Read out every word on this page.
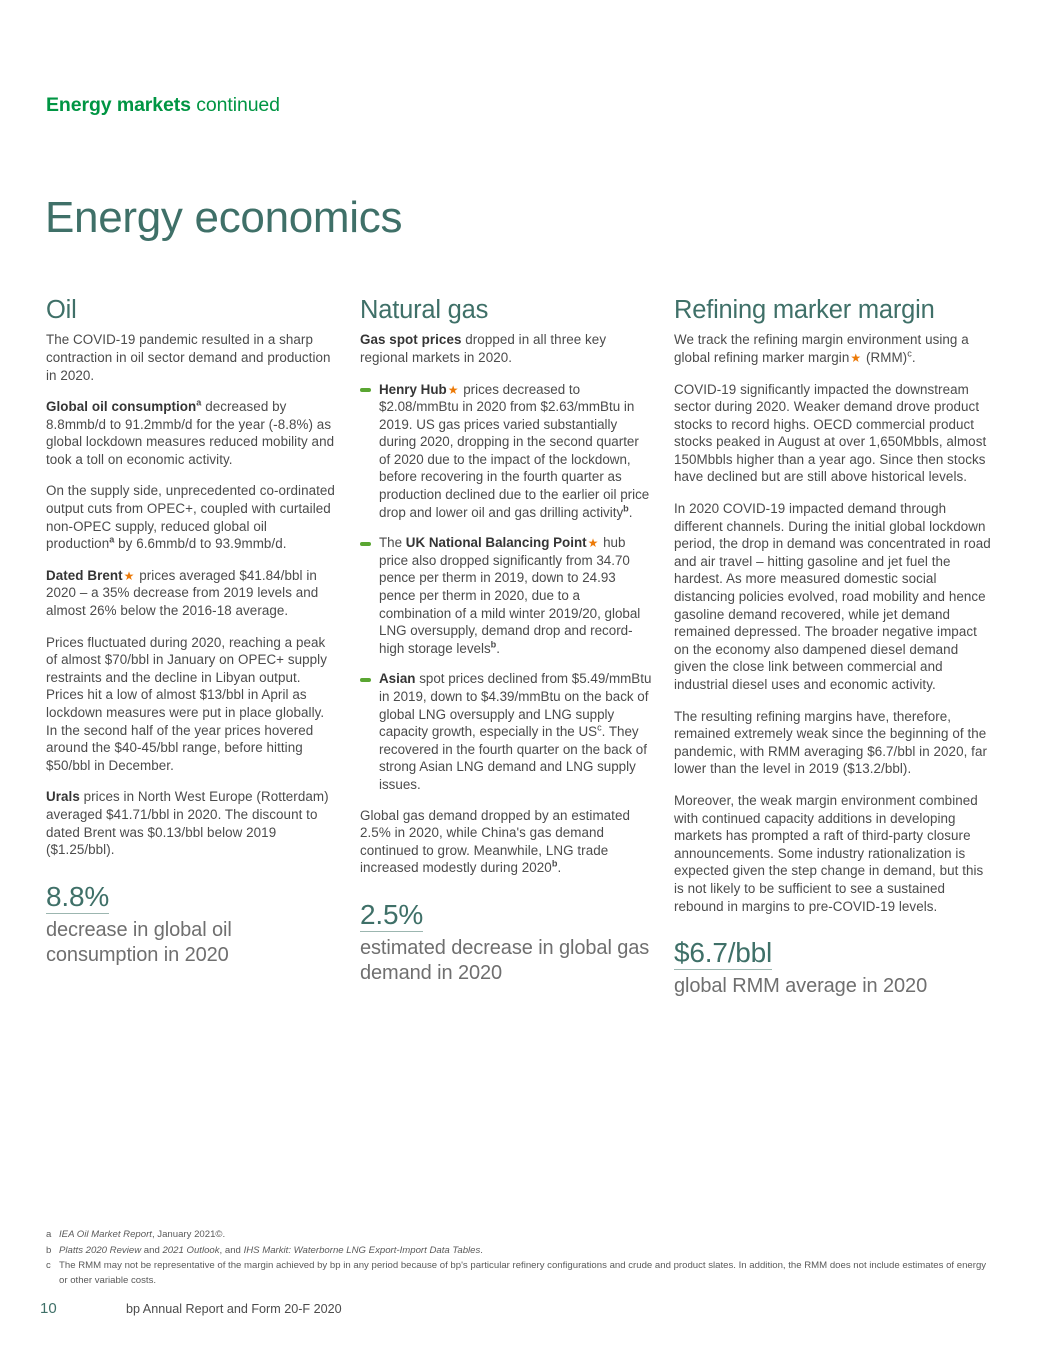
Energy markets continued
Energy economics
Oil

The COVID-19 pandemic resulted in a sharp contraction in oil sector demand and production in 2020.

Global oil consumption$^a$ decreased by 8.8mmb/d to 91.2mmb/d for the year (-8.8%) as global lockdown measures reduced mobility and took a toll on economic activity.

On the supply side, unprecedented co-ordinated output cuts from OPEC+, coupled with curtailed non-OPEC supply, reduced global oil production$^a$ by 6.6mmb/d to 93.9mmb/d.

Dated Brent★ prices averaged $41.84/bbl in 2020 – a 35% decrease from 2019 levels and almost 26% below the 2016-18 average.

Prices fluctuated during 2020, reaching a peak of almost $70/bbl in January on OPEC+ supply restraints and the decline in Libyan output. Prices hit a low of almost $13/bbl in April as lockdown measures were put in place globally. In the second half of the year prices hovered around the $40-45/bbl range, before hitting $50/bbl in December.

Urals prices in North West Europe (Rotterdam) averaged $41.71/bbl in 2020. The discount to dated Brent was $0.13/bbl below 2019 ($1.25/bbl).

8.8%
decrease in global oil consumption in 2020
Natural gas

Gas spot prices dropped in all three key regional markets in 2020.

Henry Hub★ prices decreased to $2.08/mmBtu in 2020 from $2.63/mmBtu in 2019. US gas prices varied substantially during 2020, dropping in the second quarter of 2020 due to the impact of the lockdown, before recovering in the fourth quarter as production declined due to the earlier oil price drop and lower oil and gas drilling activity$^b$.
The UK National Balancing Point★ hub price also dropped significantly from 34.70 pence per therm in 2019, down to 24.93 pence per therm in 2020, due to a combination of a mild winter 2019/20, global LNG oversupply, demand drop and record-high storage levels$^b$.
Asian spot prices declined from $5.49/mmBtu in 2019, down to $4.39/mmBtu on the back of global LNG oversupply and LNG supply capacity growth, especially in the $US^c$. They recovered in the fourth quarter on the back of strong Asian LNG demand and LNG supply issues.

Global gas demand dropped by an estimated 2.5% in 2020, while China's gas demand continued to grow. Meanwhile, LNG trade increased modestly during 2020$^b$.

2.5%
estimated decrease in global gas demand in 2020
Refining marker margin

We track the refining margin environment using a global refining marker margin★ (RMM)$^c$.

COVID-19 significantly impacted the downstream sector during 2020. Weaker demand drove product stocks to record highs. OECD commercial product stocks peaked in August at over 1,650Mbbls, almost 150Mbbls higher than a year ago. Since then stocks have declined but are still above historical levels.

In 2020 COVID-19 impacted demand through different channels. During the initial global lockdown period, the drop in demand was concentrated in road and air travel – hitting gasoline and jet fuel the hardest. As more measured domestic social distancing policies evolved, road mobility and hence gasoline demand recovered, while jet demand remained depressed. The broader negative impact on the economy also dampened diesel demand given the close link between commercial and industrial diesel uses and economic activity.

The resulting refining margins have, therefore, remained extremely weak since the beginning of the pandemic, with RMM averaging $6.7/bbl in 2020, far lower than the level in 2019 ($13.2/bbl).

Moreover, the weak margin environment combined with continued capacity additions in developing markets has prompted a raft of third-party closure announcements. Some industry rationalization is expected given the step change in demand, but this is not likely to be sufficient to see a sustained rebound in margins to pre-COVID-19 levels.

$6.7/bbl
global RMM average in 2020
a IEA Oil Market Report, January 2021©.
b Platts 2020 Review and 2021 Outlook, and IHS Markit: Waterborne LNG Export-Import Data Tables.
c The RMM may not be representative of the margin achieved by bp in any period because of bp's particular refinery configurations and crude and product slates. In addition, the RMM does not include estimates of energy or other variable costs.
10	bp Annual Report and Form 20-F 2020
